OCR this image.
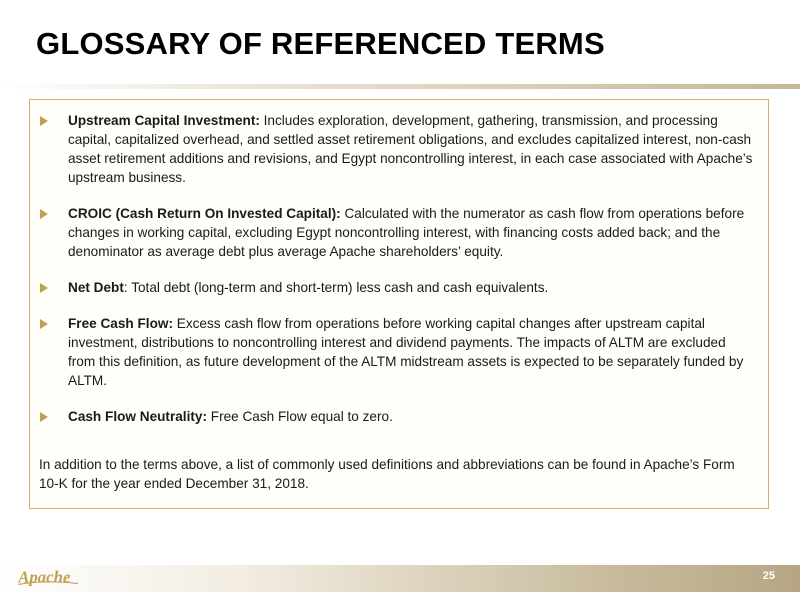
GLOSSARY OF REFERENCED TERMS
Upstream Capital Investment: Includes exploration, development, gathering, transmission, and processing capital, capitalized overhead, and settled asset retirement obligations, and excludes capitalized interest, non-cash asset retirement additions and revisions, and Egypt noncontrolling interest, in each case associated with Apache’s upstream business.
CROIC (Cash Return On Invested Capital): Calculated with the numerator as cash flow from operations before changes in working capital, excluding Egypt noncontrolling interest, with financing costs added back; and the denominator as average debt plus average Apache shareholders’ equity.
Net Debt: Total debt (long-term and short-term) less cash and cash equivalents.
Free Cash Flow: Excess cash flow from operations before working capital changes after upstream capital investment, distributions to noncontrolling interest and dividend payments. The impacts of ALTM are excluded from this definition, as future development of the ALTM midstream assets is expected to be separately funded by ALTM.
Cash Flow Neutrality: Free Cash Flow equal to zero.

In addition to the terms above, a list of commonly used definitions and abbreviations can be found in Apache’s Form 10-K for the year ended December 31, 2018.

Apache	25
